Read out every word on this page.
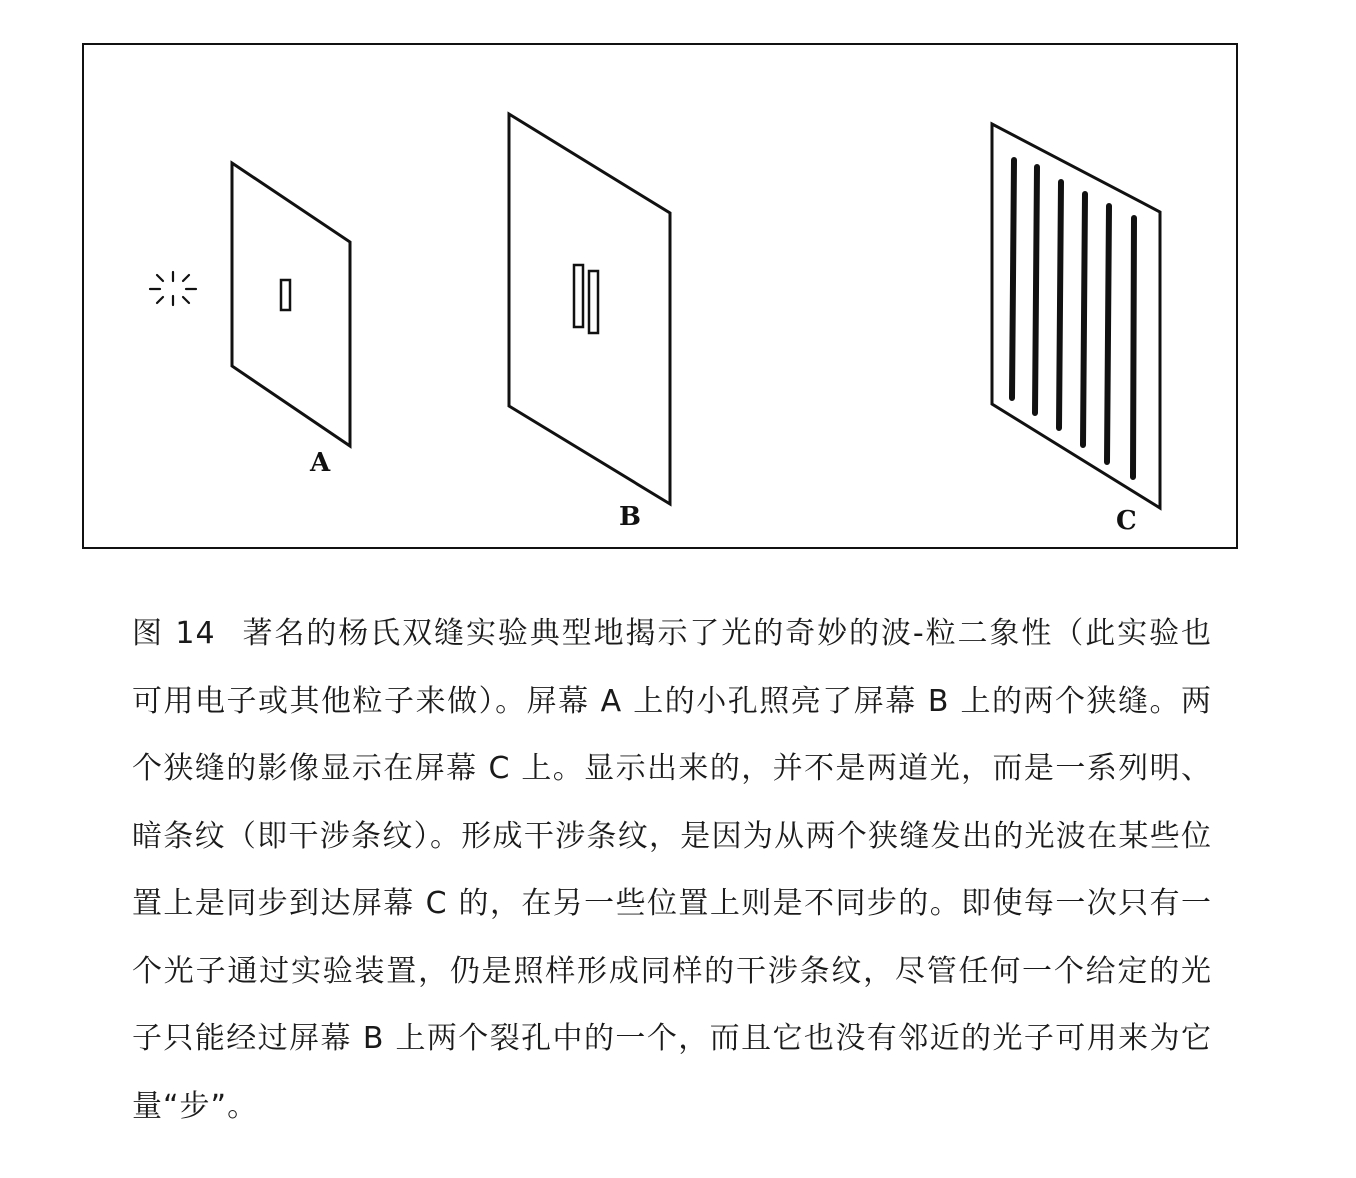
A
B	C
图 14 著名的杨氏双缝实验典型地揭示了光的奇妙的波-粒二象性（此实验也可用电子或其他粒子来做）。屏幕 A 上的小孔照亮了屏幕 B 上的两个狭缝。两个狭缝的影像显示在屏幕 C 上。显示出来的，并不是两道光，而是一系列明、暗条纹（即干涉条纹）。形成干涉条纹，是因为从两个狭缝发出的光波在某些位置上是同步到达屏幕 C 的，在另一些位置上则是不同步的。即使每一次只有一个光子通过实验装置，仍是照样形成同样的干涉条纹，尽管任何一个给定的光子只能经过屏幕 B 上两个裂孔中的一个，而且它也没有邻近的光子可用来为它量“步”。
